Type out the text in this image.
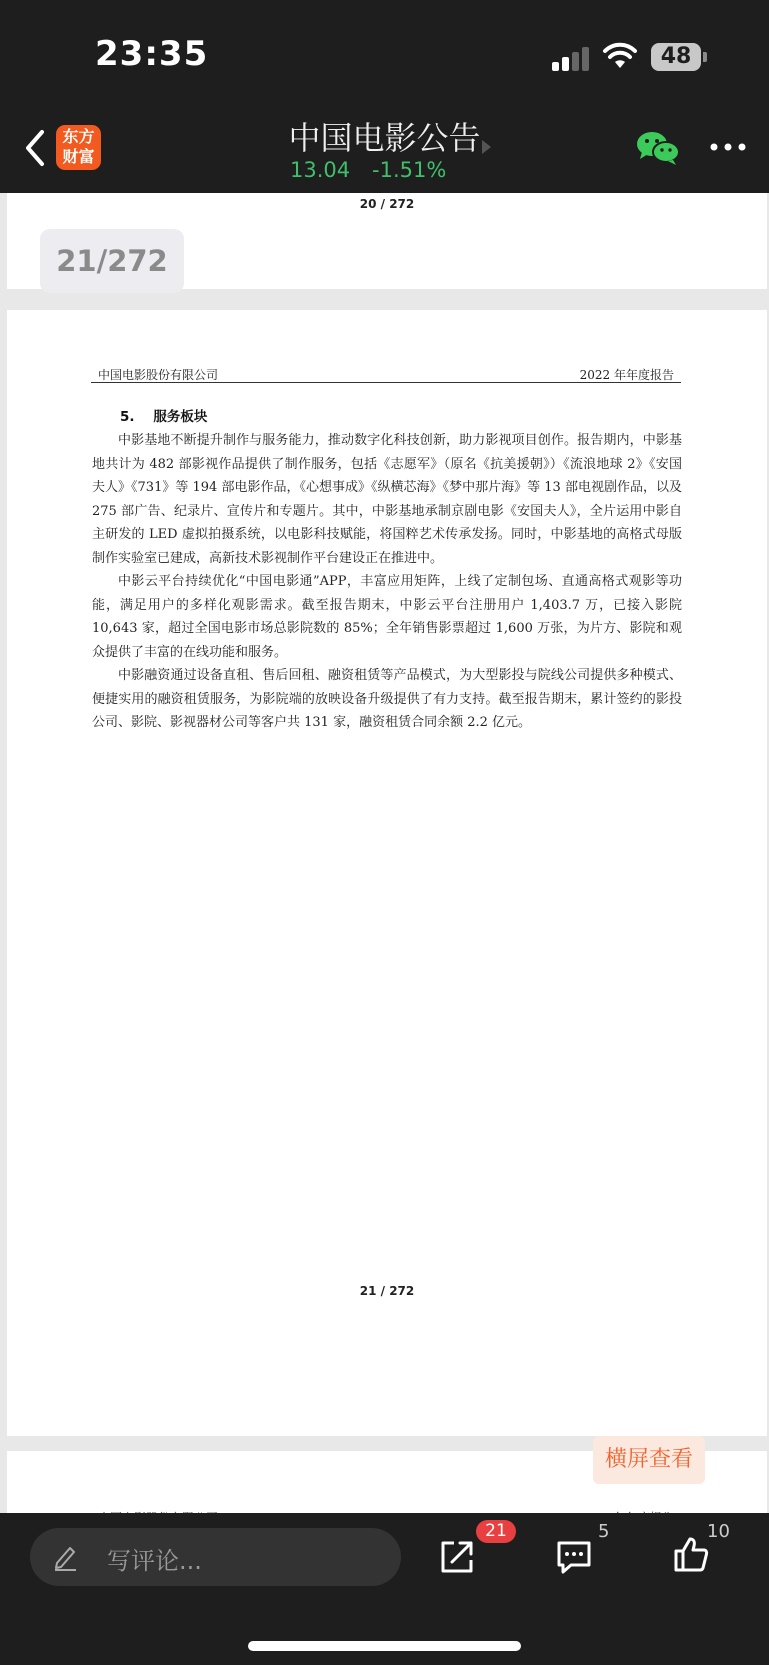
23:35	48
东方
财富	中国电影公告
13.04 -1.51%
20 / 272
中国电影股份有限公司	2022 年年度报告
5.    服务板块

中影基地不断提升制作与服务能力，推动数字化科技创新，助力影视项目创作。报告期内，中影基地共计为 482 部影视作品提供了制作服务，包括《志愿军》（原名《抗美援朝》）《流浪地球 2》《安国夫人》《731》等 194 部电影作品，《心想事成》《纵横芯海》《梦中那片海》等 13 部电视剧作品，以及 275 部广告、纪录片、宣传片和专题片。其中，中影基地承制京剧电影《安国夫人》，全片运用中影自主研发的 LED 虚拟拍摄系统，以电影科技赋能，将国粹艺术传承发扬。同时，中影基地的高格式母版制作实验室已建成，高新技术影视制作平台建设正在推进中。

中影云平台持续优化“中国电影通”APP，丰富应用矩阵，上线了定制包场、直通高格式观影等功能，满足用户的多样化观影需求。截至报告期末，中影云平台注册用户 1,403.7 万，已接入影院 10,643 家，超过全国电影市场总影院数的 85%；全年销售影票超过 1,600 万张，为片方、影院和观众提供了丰富的在线功能和服务。

中影融资通过设备直租、售后回租、融资租赁等产品模式，为大型影投与院线公司提供多种模式、便捷实用的融资租赁服务，为影院端的放映设备升级提供了有力支持。截至报告期末，累计签约的影投公司、影院、影视器材公司等客户共 131 家，融资租赁合同余额 2.2 亿元。

21 / 272
21/272
横屏查看
写评论...
21	5	10
